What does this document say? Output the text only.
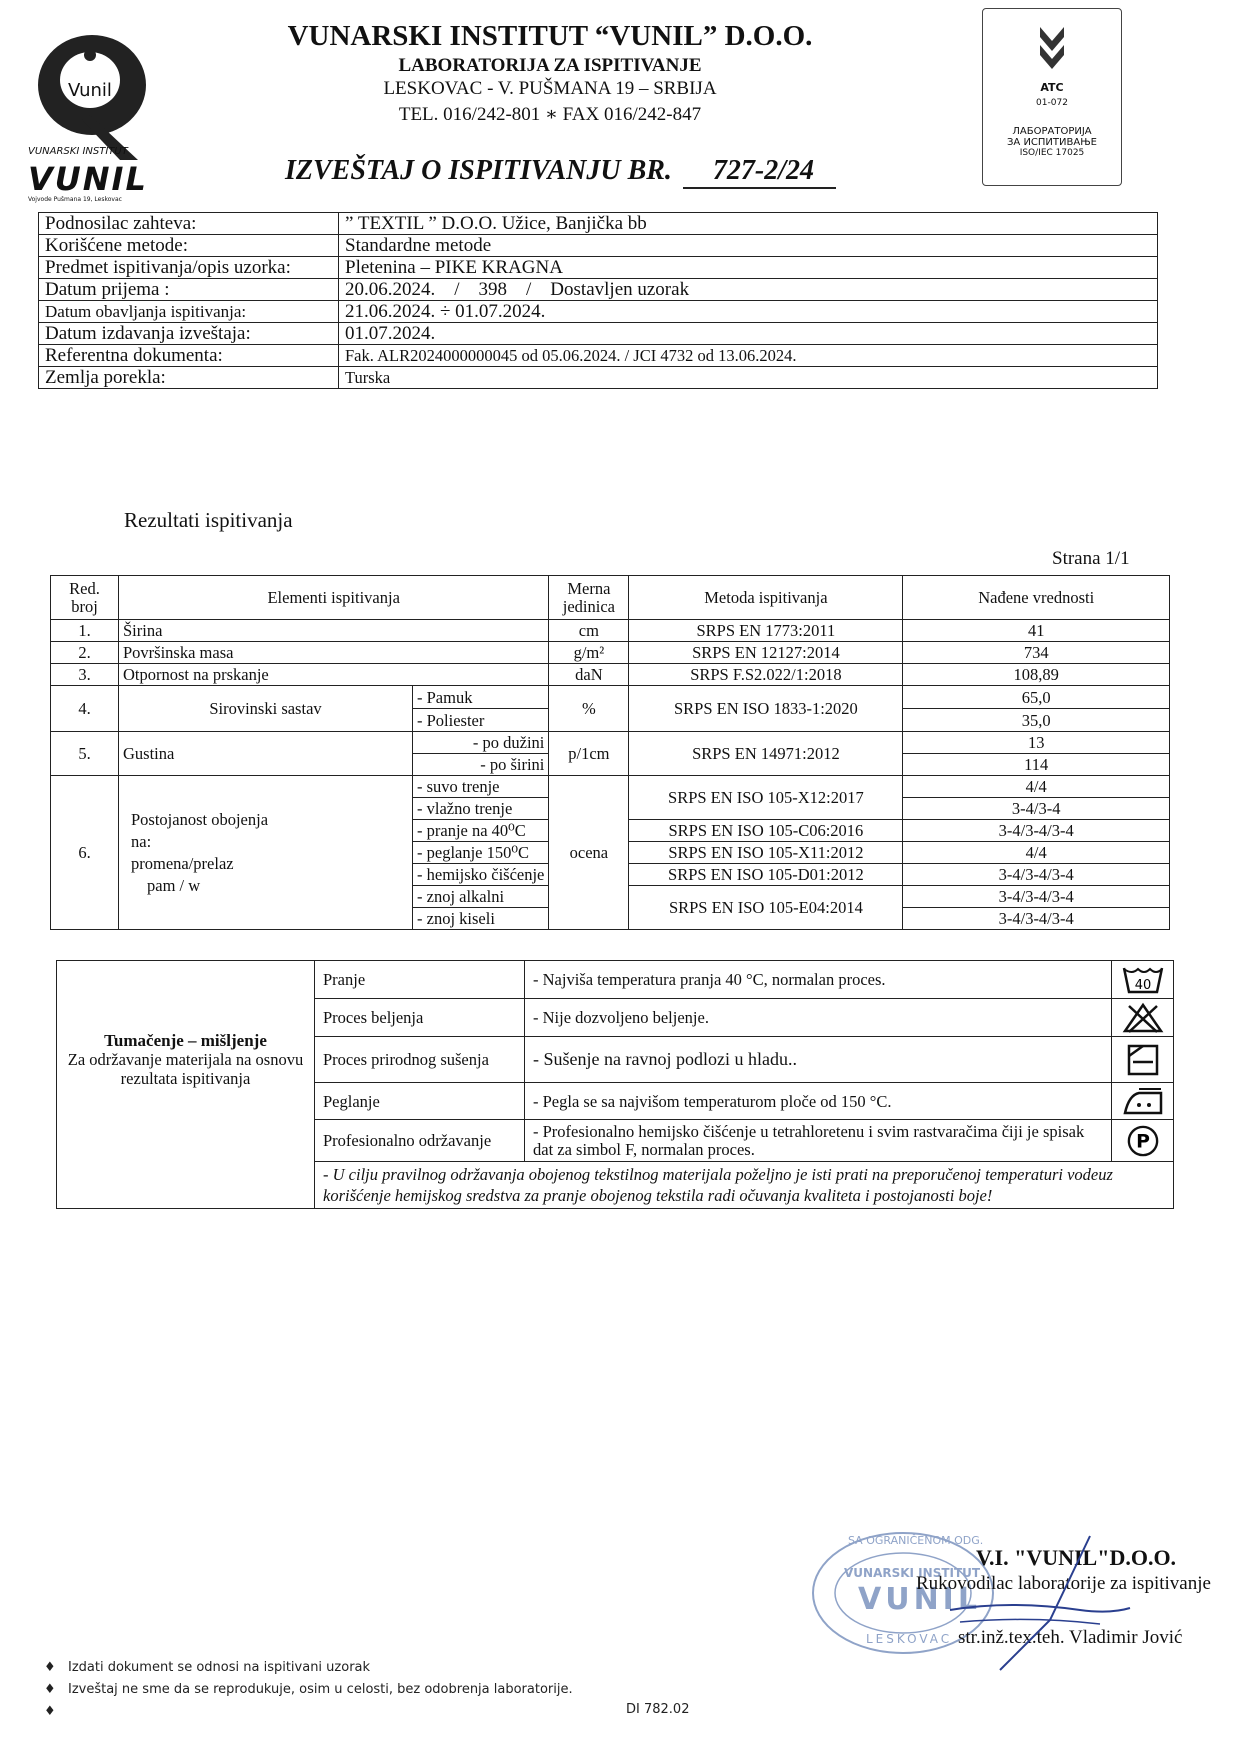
Vunil
VUNARSKI INSTITUT
VUNIL
Vojvode Pušmana 19, Leskovac
VUNARSKI INSTITUT “VUNIL” D.O.O.
LABORATORIJA ZA ISPITIVANJE
LESKOVAC - V. PUŠMANA 19 – SRBIJA
TEL. 016/242-801 ∗ FAX 016/242-847
IZVEŠTAJ O ISPITIVANJU BR. 727-2/24
ATC
01-072
ЛАБОРАТОРИЈА
ЗА ИСПИТИВАЊЕ
ISO/IEC 17025
Podnosilac zahteva:	” TEXTIL ” D.O.O. Užice, Banjička bb
Korišćene metode:	Standardne metode
Predmet ispitivanja/opis uzorka:	Pletenina – PIKE KRAGNA
Datum prijema :	20.06.2024.    /    398    /    Dostavljen uzorak
Datum obavljanja ispitivanja:	21.06.2024. ÷ 01.07.2024.
Datum izdavanja izveštaja:	01.07.2024.
Referentna dokumenta:	Fak. ALR2024000000045 od 05.06.2024. / JCI 4732 od 13.06.2024.
Zemlja porekla:	Turska
Rezultati ispitivanja
Strana 1/1
Red. broj	Elementi ispitivanja		Merna jedinica	Metoda ispitivanja	Nađene vrednosti
1.	Širina		cm	SRPS EN 1773:2011	41
2.	Površinska masa		g/m²	SRPS EN 12127:2014	734
3.	Otpornost na prskanje		daN	SRPS F.S2.022/1:2018	108,89
4.	Sirovinski sastav	- Pamuk	%	SRPS EN ISO 1833-1:2020	65,0
		- Poliester			35,0
5.	Gustina	- po dužini	p/1cm	SRPS EN 14971:2012	13
		- po širini			114
6.	Postojanost obojenja
na:
promena/prelaz
pam / w	- suvo trenje	ocena	SRPS EN ISO 105-X12:2017	4/4
		- vlažno trenje			3-4/3-4
		- pranje na 40⁰C		SRPS EN ISO 105-C06:2016	3-4/3-4/3-4
		- peglanje 150⁰C		SRPS EN ISO 105-X11:2012	4/4
		- hemijsko čišćenje		SRPS EN ISO 105-D01:2012	3-4/3-4/3-4
		- znoj alkalni		SRPS EN ISO 105-E04:2014	3-4/3-4/3-4
		- znoj kiseli			3-4/3-4/3-4
Tumačenje – mišljenje
Za održavanje materijala na osnovu rezultata ispitivanja	Pranje	- Najviša temperatura pranja 40 °C, normalan proces.	40

	Proces beljenja	- Nije dozvoljeno beljenje.	

	Proces prirodnog sušenja	- Sušenje na ravnoj podlozi u hladu..	

	Peglanje	- Pegla se sa najvišom temperaturom ploče od 150 °C.	

	Profesionalno održavanje	- Profesionalno hemijsko čišćenje u tetrahloretenu i svim rastvaračima čiji je spisak dat za simbol F, normalan proces.	P

	- U cilju pravilnog održavanja obojenog tekstilnog materijala poželjno je isti prati na preporučenoj temperaturi vodeuz korišćenje hemijskog sredstva za pranje obojenog tekstila radi očuvanja kvaliteta i postojanosti boje!		
SA OGRANIČENOM ODG.
VUNARSKI INSTITUT
VUNIL
LESKOVAC
V.I. "VUNIL"D.O.O.
Rukovodilac laboratorije za ispitivanje
str.inž.tex.teh. Vladimir Jović
♦ Izdati dokument se odnosi na ispitivani uzorak
♦ Izveštaj ne sme da se reprodukuje, osim u celosti, bez odobrenja laboratorije.
♦	DI 782.02
